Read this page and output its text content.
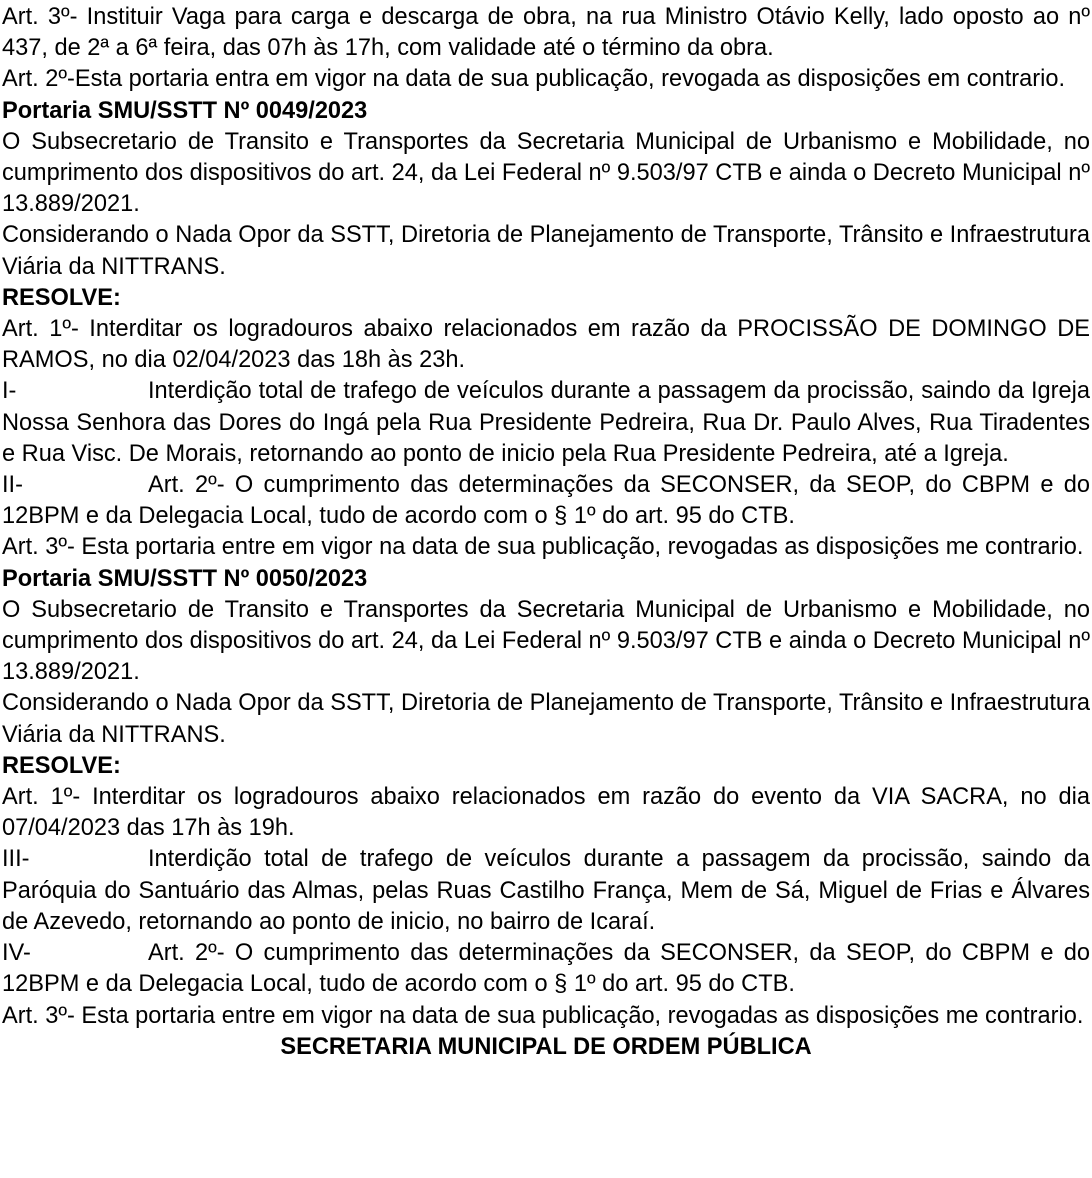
Art. 3º- Instituir Vaga para carga e descarga de obra, na rua Ministro Otávio Kelly, lado oposto ao nº 437, de 2ª a 6ª feira, das 07h às 17h, com validade até o término da obra.

Art. 2º-Esta portaria entra em vigor na data de sua publicação, revogada as disposições em contrario.

Portaria SMU/SSTT Nº 0049/2023

O Subsecretario de Transito e Transportes da Secretaria Municipal de Urbanismo e Mobilidade, no cumprimento dos dispositivos do art. 24, da Lei Federal nº 9.503/97 CTB e ainda o Decreto Municipal nº 13.889/2021.

Considerando o Nada Opor da SSTT, Diretoria de Planejamento de Transporte, Trânsito e Infraestrutura Viária da NITTRANS.

RESOLVE:

Art. 1º- Interditar os logradouros abaixo relacionados em razão da PROCISSÃO DE DOMINGO DE RAMOS, no dia 02/04/2023 das 18h às 23h.

I-	Interdição total de trafego de veículos durante a passagem da procissão, saindo da Igreja Nossa Senhora das Dores do Ingá pela Rua Presidente Pedreira, Rua Dr. Paulo Alves, Rua Tiradentes e Rua Visc. De Morais, retornando ao ponto de inicio pela Rua Presidente Pedreira, até a Igreja.

II-	Art. 2º- O cumprimento das determinações da SECONSER, da SEOP, do CBPM e do 12BPM e da Delegacia Local, tudo de acordo com o § 1º do art. 95 do CTB.

Art. 3º- Esta portaria entre em vigor na data de sua publicação, revogadas as disposições me contrario.

Portaria SMU/SSTT Nº 0050/2023

O Subsecretario de Transito e Transportes da Secretaria Municipal de Urbanismo e Mobilidade, no cumprimento dos dispositivos do art. 24, da Lei Federal nº 9.503/97 CTB e ainda o Decreto Municipal nº 13.889/2021.

Considerando o Nada Opor da SSTT, Diretoria de Planejamento de Transporte, Trânsito e Infraestrutura Viária da NITTRANS.

RESOLVE:

Art. 1º- Interditar os logradouros abaixo relacionados em razão do evento da VIA SACRA, no dia 07/04/2023 das 17h às 19h.

III-	Interdição total de trafego de veículos durante a passagem da procissão, saindo da Paróquia do Santuário das Almas, pelas Ruas Castilho França, Mem de Sá, Miguel de Frias e Álvares de Azevedo, retornando ao ponto de inicio, no bairro de Icaraí.

IV-	Art. 2º- O cumprimento das determinações da SECONSER, da SEOP, do CBPM e do 12BPM e da Delegacia Local, tudo de acordo com o § 1º do art. 95 do CTB.

Art. 3º- Esta portaria entre em vigor na data de sua publicação, revogadas as disposições me contrario.

SECRETARIA MUNICIPAL DE ORDEM PÚBLICA
